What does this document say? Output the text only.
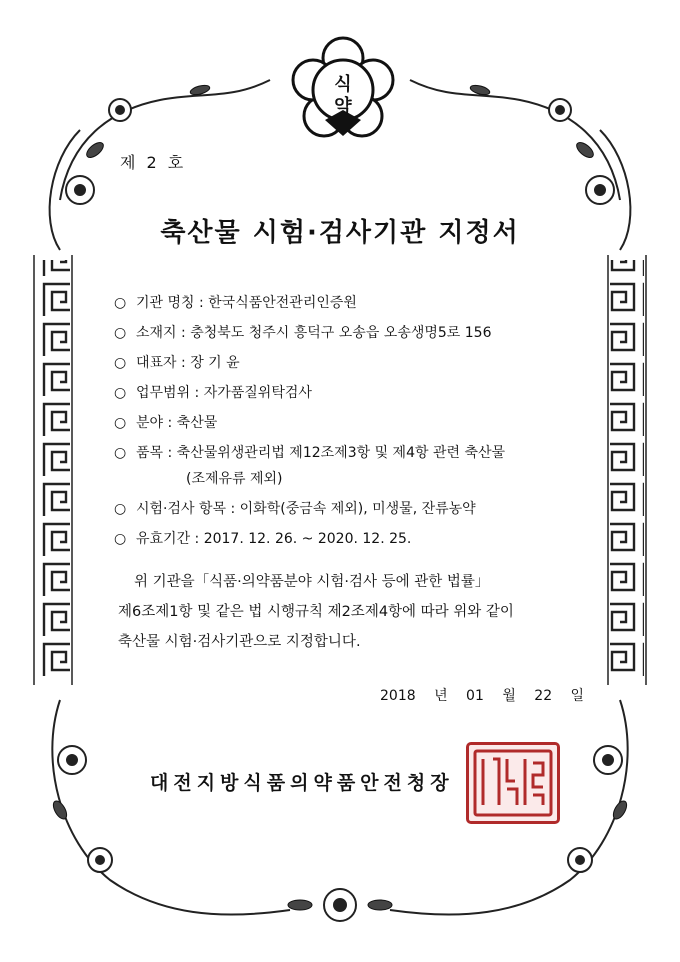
식
약
제 2 호
축산물 시험·검사기관 지정서
○ 기관 명칭 : 한국식품안전관리인증원
○ 소재지 : 충청북도 청주시 흥덕구 오송읍 오송생명5로 156
○ 대표자 : 장 기 윤
○ 업무범위 : 자가품질위탁검사
○ 분야 : 축산물
○ 품목 : 축산물위생관리법 제12조제3항 및 제4항 관련 축산물
(조제유류 제외)
○ 시험·검사 항목 : 이화학(중금속 제외), 미생물, 잔류농약
○ 유효기간 : 2017. 12. 26. ~ 2020. 12. 25.
위 기관을「식품·의약품분야 시험·검사 등에 관한 법률」
제6조제1항 및 같은 법 시행규칙 제2조제4항에 따라 위와 같이
축산물 시험·검사기관으로 지정합니다.
2018 년 01 월 22 일
대전지방식품의약품안전청장
